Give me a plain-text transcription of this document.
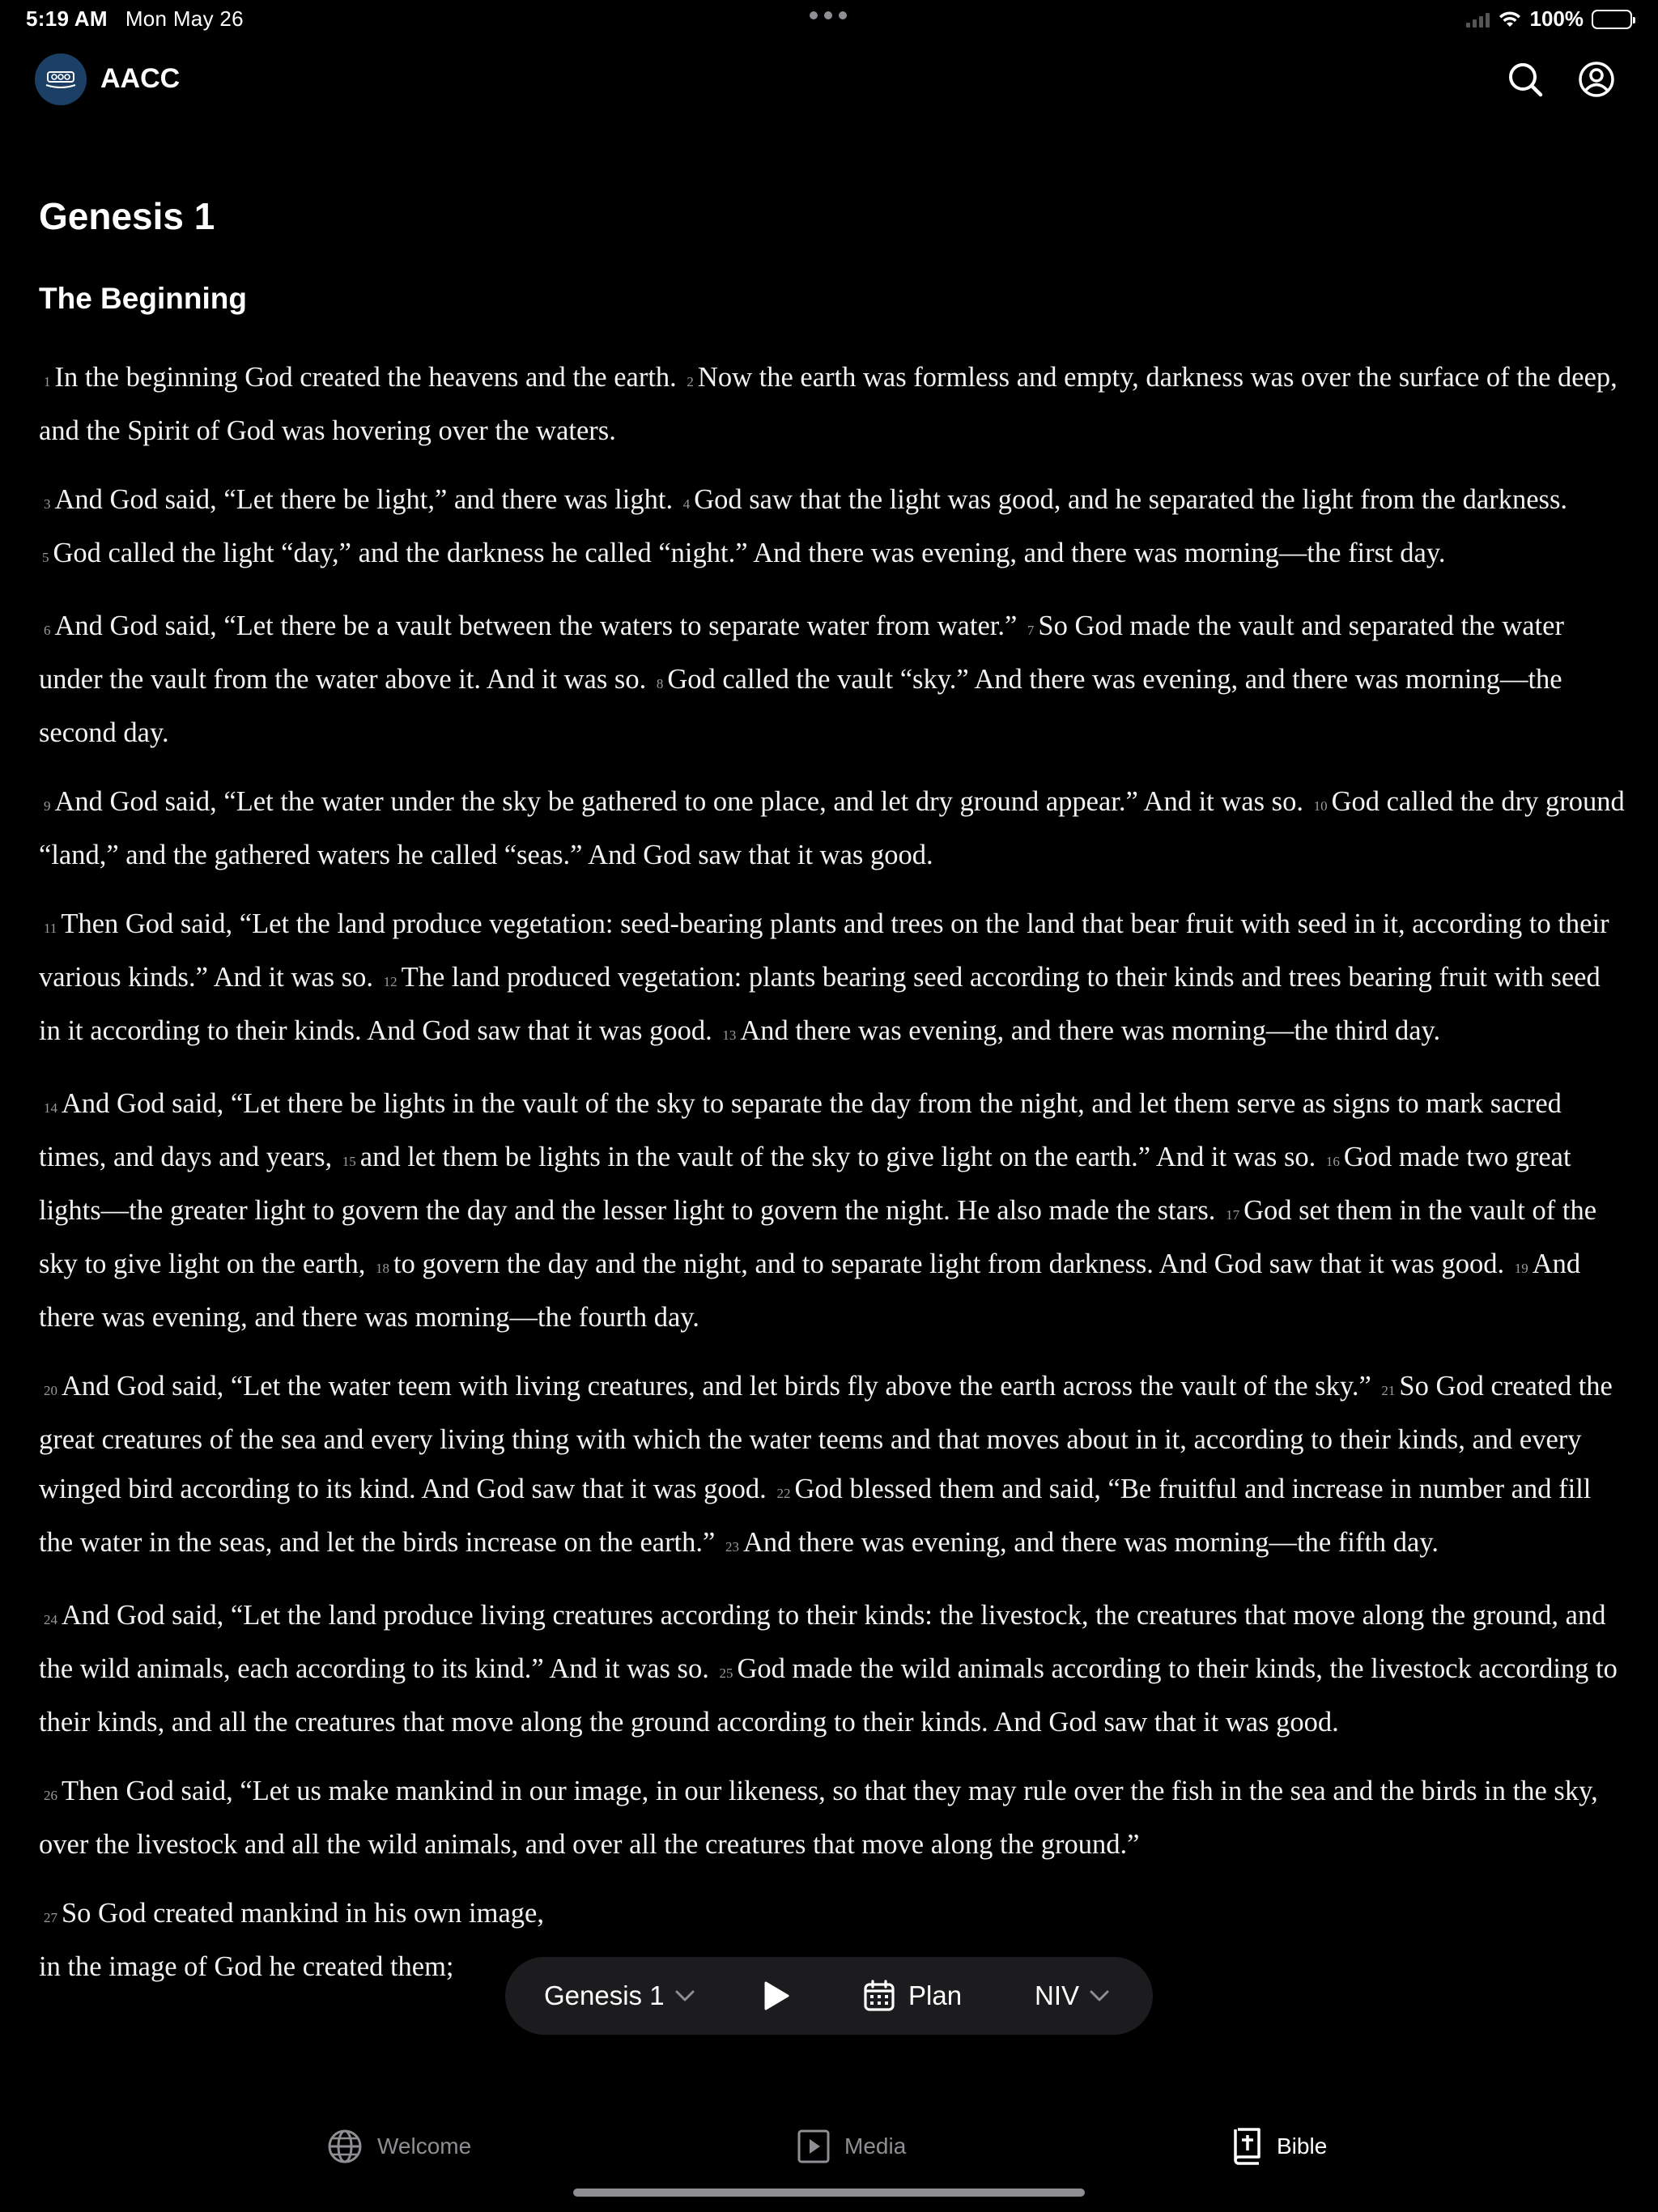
5:19 AM Mon May 26	100%
AACC
Genesis 1
The Beginning

1 In the beginning God created the heavens and the earth. 2 Now the earth was formless and empty, darkness was over the surface of the deep, and the Spirit of God was hovering over the waters.

3 And God said, “Let there be light,” and there was light. 4 God saw that the light was good, and he separated the light from the darkness. 5 God called the light “day,” and the darkness he called “night.” And there was evening, and there was morning—the first day.

6 And God said, “Let there be a vault between the waters to separate water from water.” 7 So God made the vault and separated the water under the vault from the water above it. And it was so. 8 God called the vault “sky.” And there was evening, and there was morning—the second day.

9 And God said, “Let the water under the sky be gathered to one place, and let dry ground appear.” And it was so. 10 God called the dry ground “land,” and the gathered waters he called “seas.” And God saw that it was good.

11 Then God said, “Let the land produce vegetation: seed-bearing plants and trees on the land that bear fruit with seed in it, according to their various kinds.” And it was so. 12 The land produced vegetation: plants bearing seed according to their kinds and trees bearing fruit with seed in it according to their kinds. And God saw that it was good. 13 And there was evening, and there was morning—the third day.

14 And God said, “Let there be lights in the vault of the sky to separate the day from the night, and let them serve as signs to mark sacred times, and days and years, 15 and let them be lights in the vault of the sky to give light on the earth.” And it was so. 16 God made two great lights—the greater light to govern the day and the lesser light to govern the night. He also made the stars. 17 God set them in the vault of the sky to give light on the earth, 18 to govern the day and the night, and to separate light from darkness. And God saw that it was good. 19 And there was evening, and there was morning—the fourth day.

20 And God said, “Let the water teem with living creatures, and let birds fly above the earth across the vault of the sky.” 21 So God created the great creatures of the sea and every living thing with which the water teems and that moves about in it, according to their kinds, and every winged bird according to its kind. And God saw that it was good. 22 God blessed them and said, “Be fruitful and increase in number and fill the water in the seas, and let the birds increase on the earth.” 23 And there was evening, and there was morning—the fifth day.

24 And God said, “Let the land produce living creatures according to their kinds: the livestock, the creatures that move along the ground, and the wild animals, each according to its kind.” And it was so. 25 God made the wild animals according to their kinds, the livestock according to their kinds, and all the creatures that move along the ground according to their kinds. And God saw that it was good.

26 Then God said, “Let us make mankind in our image, in our likeness, so that they may rule over the fish in the sea and the birds in the sky, over the livestock and all the wild animals, and over all the creatures that move along the ground.”

27 So God created mankind in his own image,
in the image of God he created them;

Genesis 1	Plan	NIV
Welcome	Media	Bible
